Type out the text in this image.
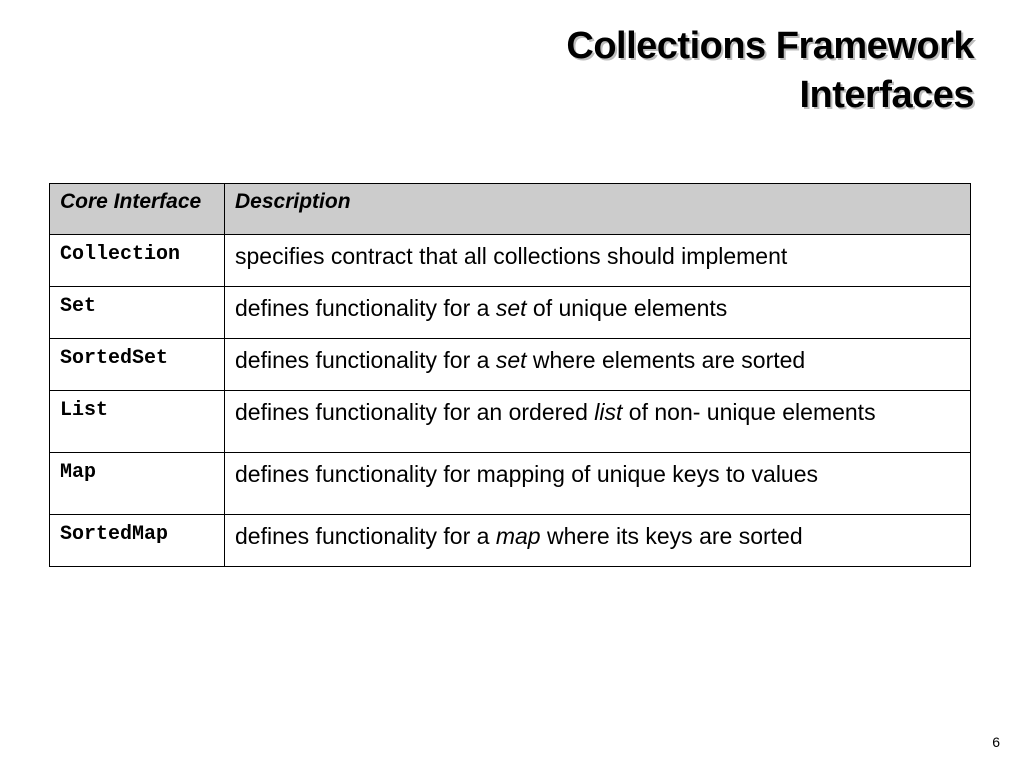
Collections Framework
Interfaces
Core Interface	Description
Collection	specifies contract that all collections should implement
Set	defines functionality for a set of unique elements
SortedSet	defines functionality for a set where elements are sorted
List	defines functionality for an ordered list of non- unique elements
Map	defines functionality for mapping of unique keys to values
SortedMap	defines functionality for a map where its keys are sorted
6
